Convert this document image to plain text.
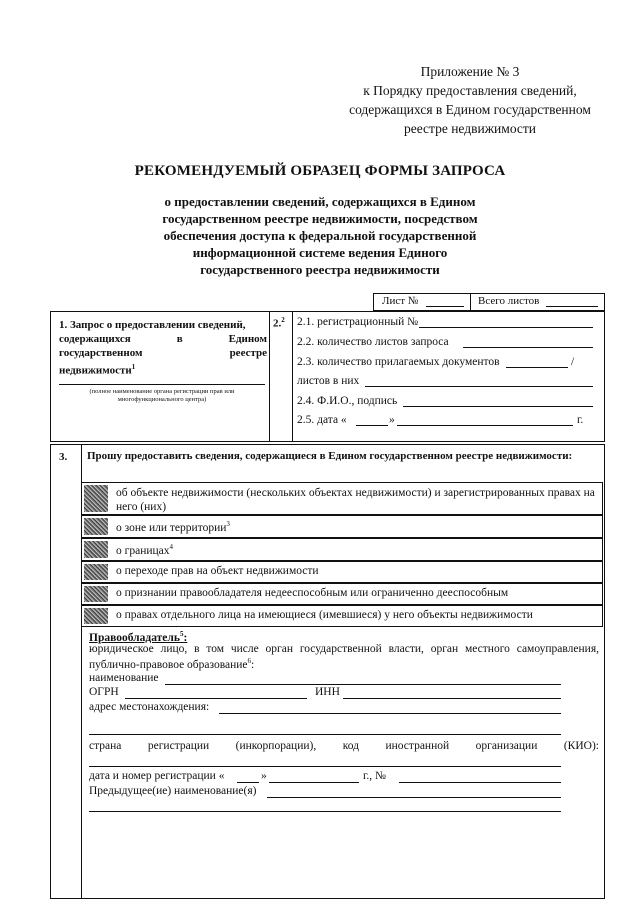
Приложение № 3
к Порядку предоставления сведений,
содержащихся в Едином государственном
реестре недвижимости
РЕКОМЕНДУЕМЫЙ ОБРАЗЕЦ ФОРМЫ ЗАПРОСА
о предоставлении сведений, содержащихся в Едином
государственном реестре недвижимости, посредством
обеспечения доступа к федеральной государственной
информационной системе ведения Единого
государственного реестра недвижимости
Лист №	Всего листов
1. Запрос о предоставлении сведений,
содержащихся	в	Едином
государственном	реестре
недвижимости$^1$
(полное наименование органа регистрации прав или многофункционального центра)
2.$^2$ 2.1. регистрационный №
2.2. количество листов запроса
2.3. количество прилагаемых документов	/
листов в них
2.4. Ф.И.О., подпись
2.5. дата «	»	г.
3. Прошу предоставить сведения, содержащиеся в Едином государственном реестре недвижимости:
об объекте недвижимости (нескольких объектах недвижимости) и зарегистрированных правах на него (них)
о зоне или территории$^3$
о границах$^4$
о переходе прав на объект недвижимости
о признании правообладателя недееспособным или ограниченно дееспособным
о правах отдельного лица на имеющиеся (имевшиеся) у него объекты недвижимости
Правообладатель$^5$:
юридическое лицо, в том числе орган государственной власти, орган местного самоуправления,
публично-правовое образование$^6$:
наименование
ОГРН	ИНН
адрес местонахождения:
страна регистрации (инкорпорации), код иностранной организации (КИО):
дата и номер регистрации «	»	г., №
Предыдущее(ие) наименование(я)
